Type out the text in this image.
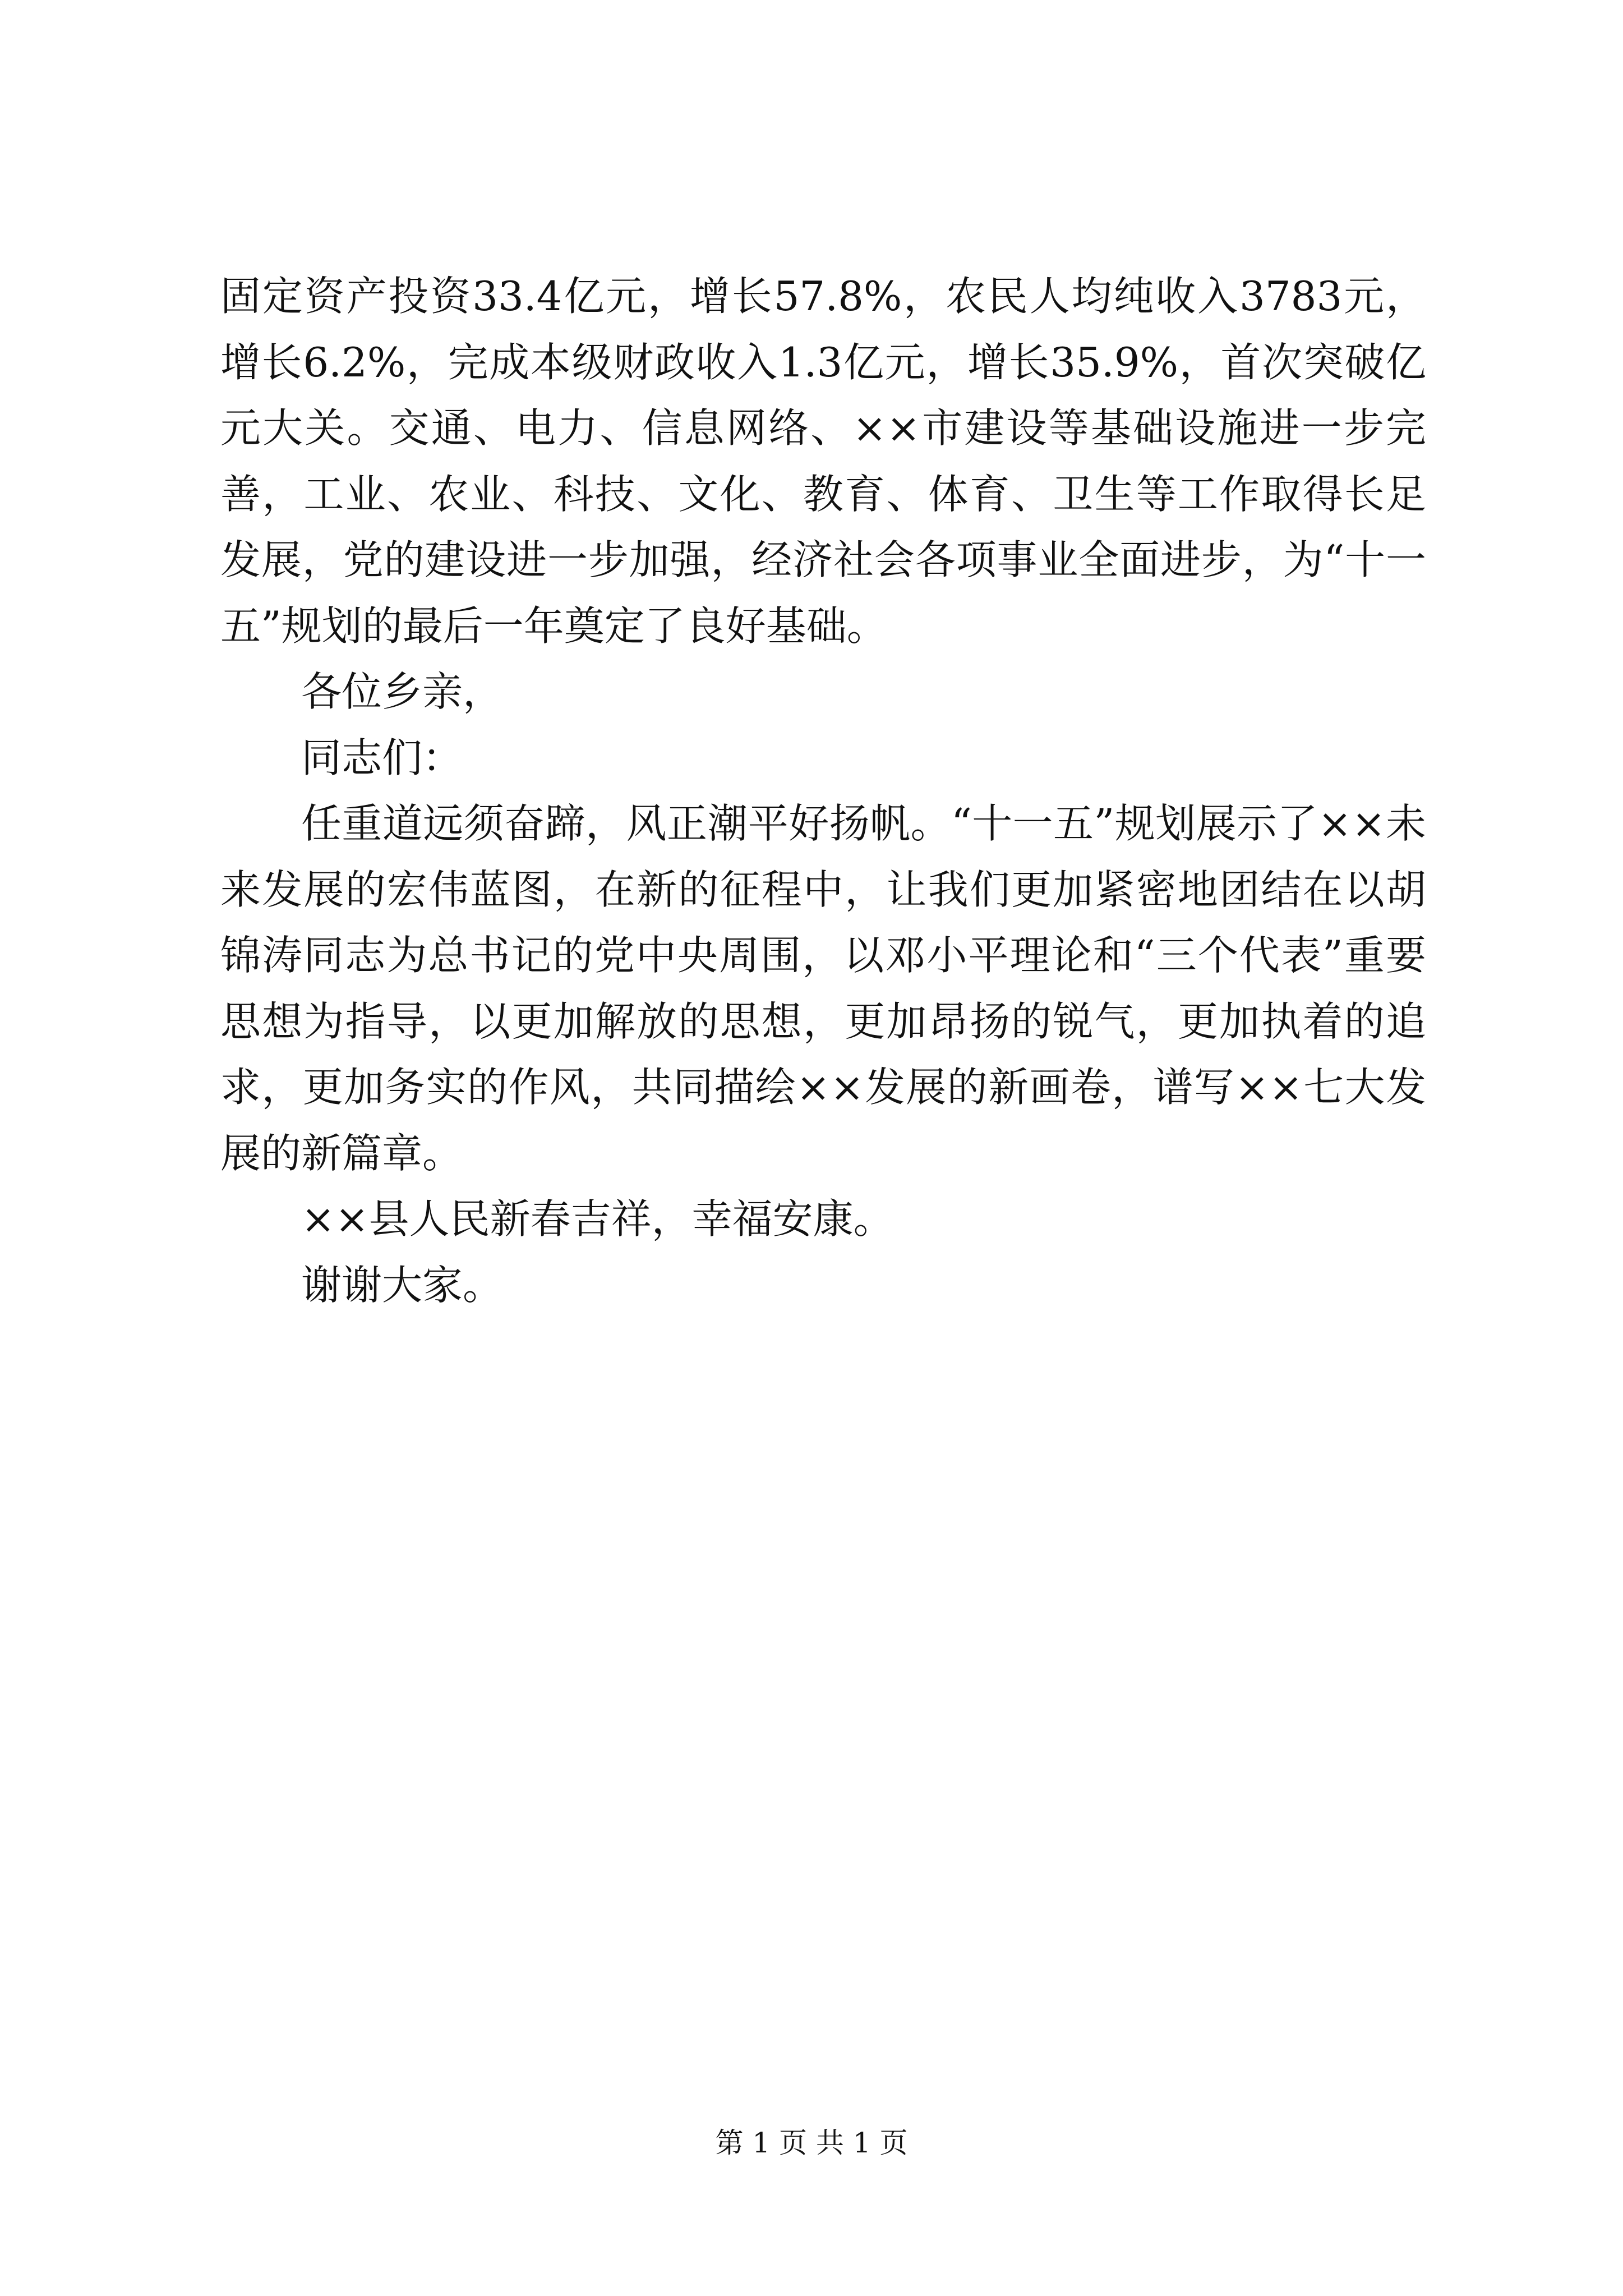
固定资产投资33.4亿元，增长57.8%，农民人均纯收入3783元，增长6.2%，完成本级财政收入1.3亿元，增长35.9%，首次突破亿元大关。交通、电力、信息网络、××市建设等基础设施进一步完善，工业、农业、科技、文化、教育、体育、卫生等工作取得长足发展，党的建设进一步加强，经济社会各项事业全面进步，为“十一五”规划的最后一年奠定了良好基础。

各位乡亲，

同志们：

任重道远须奋蹄，风正潮平好扬帆。“十一五”规划展示了××未来发展的宏伟蓝图，在新的征程中，让我们更加紧密地团结在以胡锦涛同志为总书记的党中央周围，以邓小平理论和“三个代表”重要思想为指导，以更加解放的思想，更加昂扬的锐气，更加执着的追求，更加务实的作风，共同描绘××发展的新画卷，谱写××七大发展的新篇章。

××县人民新春吉祥，幸福安康。

谢谢大家。

第 1 页 共 1 页
